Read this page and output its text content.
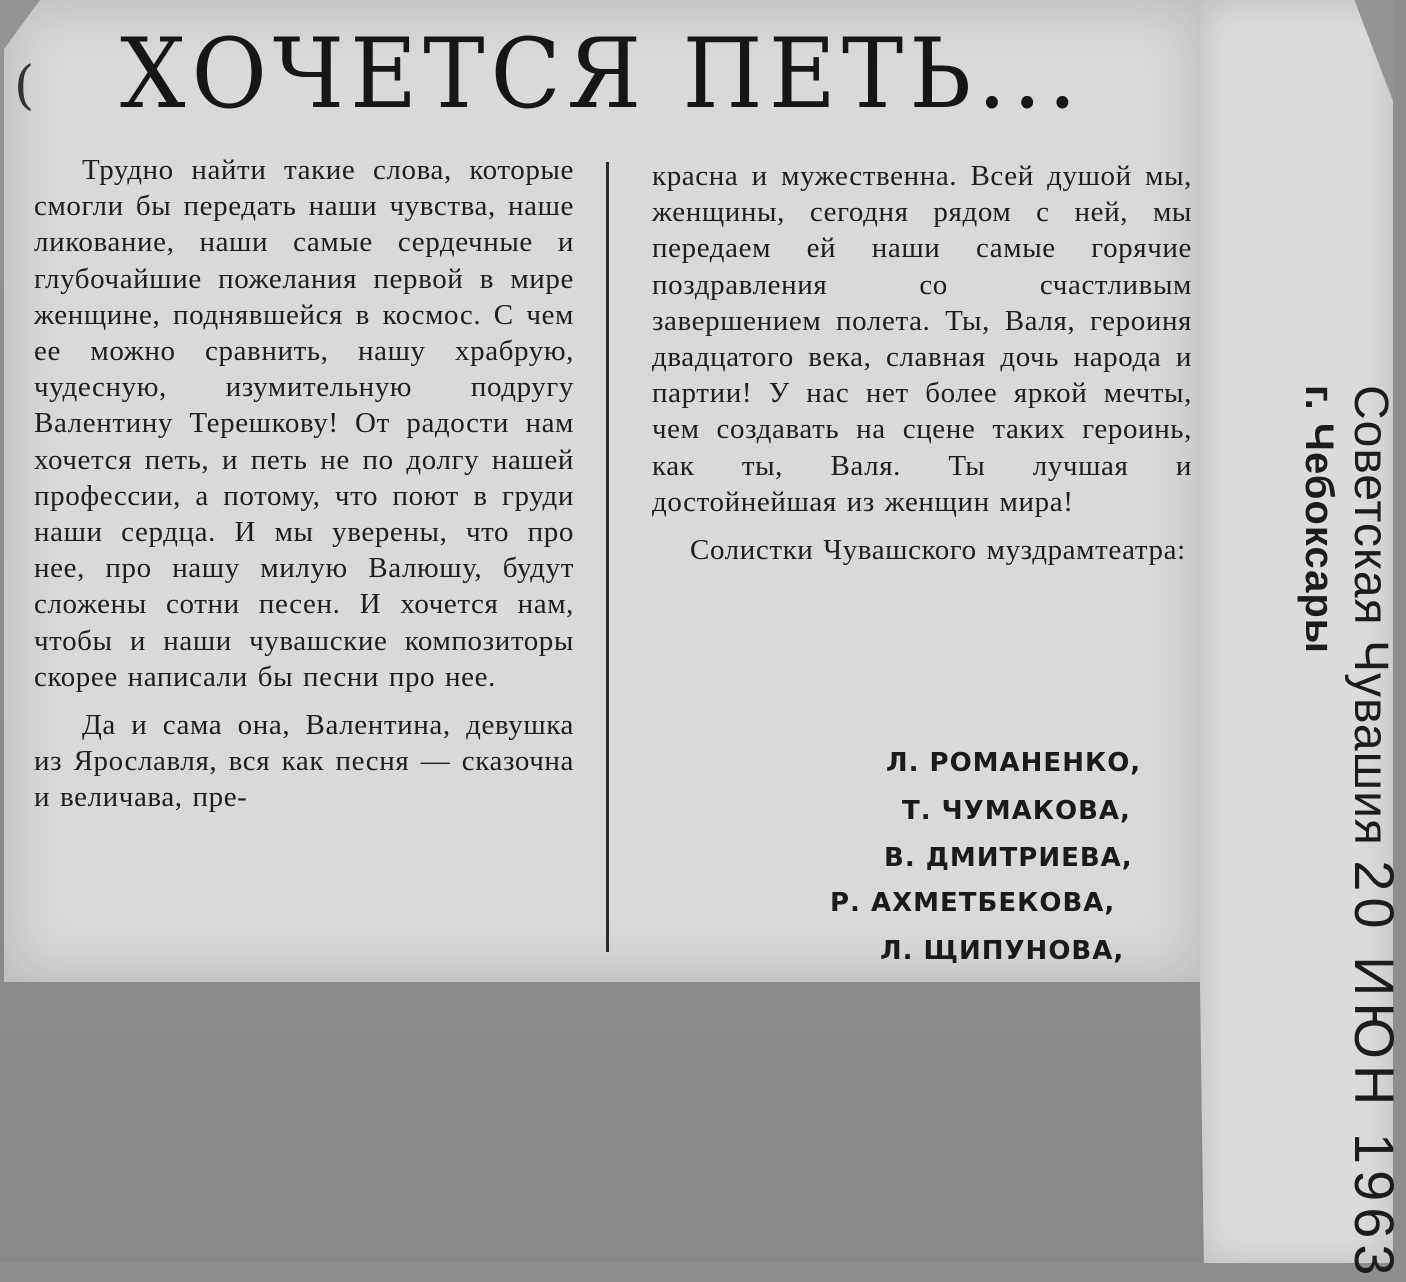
( ХОЧЕТСЯ ПЕТЬ...

Трудно найти такие слова, которые смогли бы передать наши чувства, наше ликование, наши самые сердечные и глубочайшие пожелания первой в мире женщине, поднявшейся в космос. С чем ее можно сравнить, нашу храбрую, чудесную, изумительную подругу Валентину Терешкову! От радости нам хочется петь, и петь не по долгу нашей профессии, а потому, что поют в груди наши сердца. И мы уверены, что про нее, про нашу милую Валюшу, будут сложены сотни песен. И хочется нам, чтобы и наши чувашские композиторы скорее написали бы песни про нее.

Да и сама она, Валентина, девушка из Ярославля, вся как песня — сказочна и величава, пре-

красна и мужественна. Всей душой мы, женщины, сегодня рядом с ней, мы передаем ей наши самые горячие поздравления со счастливым завершением полета. Ты, Валя, героиня двадцатого века, славная дочь народа и партии! У нас нет более яркой мечты, чем создавать на сцене таких героинь, как ты, Валя. Ты лучшая и достойнейшая из женщин мира!

Солистки Чувашского муздрамтеатра:

Л. РОМАНЕНКО,
Т. ЧУМАКОВА,
В. ДМИТРИЕВА,
Р. АХМЕТБЕКОВА,
Л. ЩИПУНОВА,
Советская Чувашия 20 ИЮН 1963
г. Чебоксары
